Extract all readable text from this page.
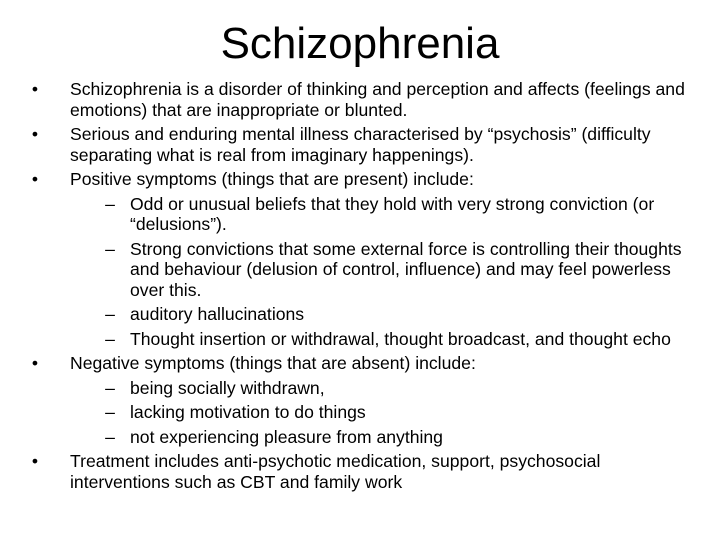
Schizophrenia
• Schizophrenia is a disorder of thinking and perception and affects (feelings and emotions) that are inappropriate or blunted.
• Serious and enduring mental illness characterised by “psychosis” (difficulty separating what is real from imaginary happenings).
• Positive symptoms (things that are present) include:
– Odd or unusual beliefs that they hold with very strong conviction (or “delusions”).
– Strong convictions that some external force is controlling their thoughts and behaviour (delusion of control, influence) and may feel powerless over this.
– auditory hallucinations
– Thought insertion or withdrawal, thought broadcast, and thought echo
• Negative symptoms (things that are absent) include:
– being socially withdrawn,
– lacking motivation to do things
– not experiencing pleasure from anything
• Treatment includes anti-psychotic medication, support, psychosocial interventions such as CBT and family work
